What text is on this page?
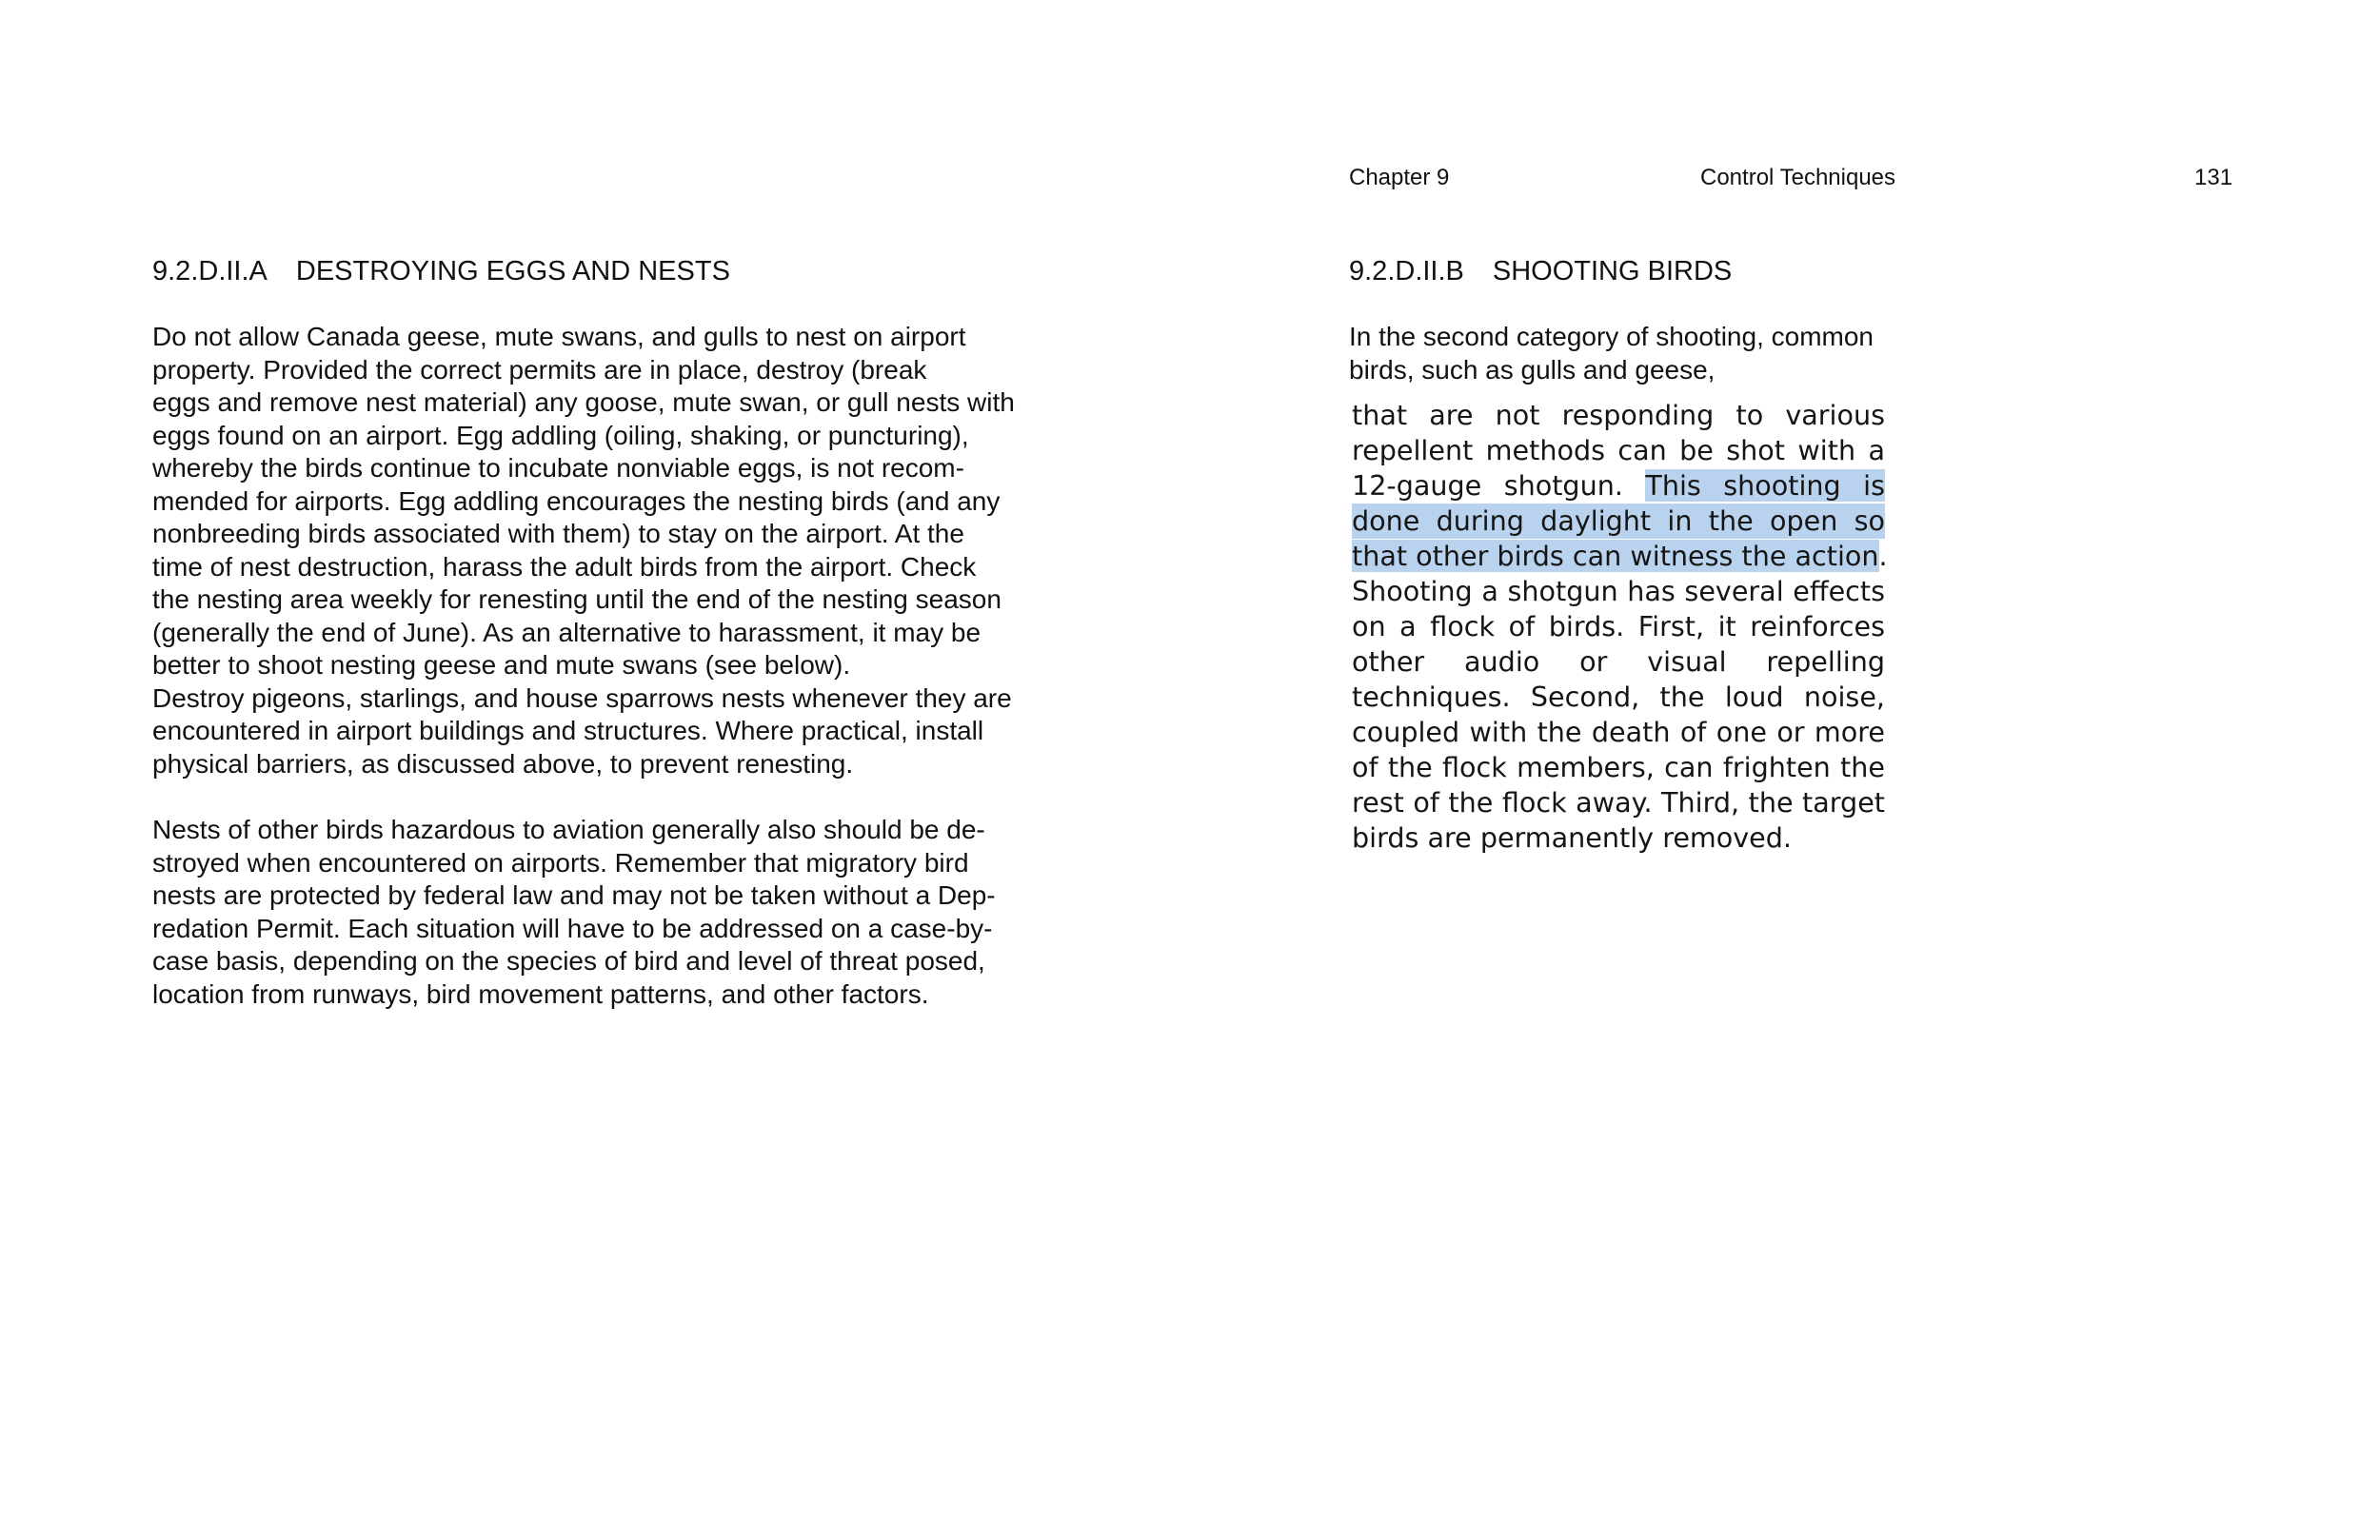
Chapter 9	Control Techniques	131
9.2.D.II.A DESTROYING EGGS AND NESTS

Do not allow Canada geese, mute swans, and gulls to nest on airport
property. Provided the correct permits are in place, destroy (break
eggs and remove nest material) any goose, mute swan, or gull nests with
eggs found on an airport. Egg addling (oiling, shaking, or puncturing),
whereby the birds continue to incubate nonviable eggs, is not recom-
mended for airports. Egg addling encourages the nesting birds (and any
nonbreeding birds associated with them) to stay on the airport. At the
time of nest destruction, harass the adult birds from the airport. Check
the nesting area weekly for renesting until the end of the nesting season
(generally the end of June). As an alternative to harassment, it may be
better to shoot nesting geese and mute swans (see below).
Destroy pigeons, starlings, and house sparrows nests whenever they are
encountered in airport buildings and structures. Where practical, install
physical barriers, as discussed above, to prevent renesting.

Nests of other birds hazardous to aviation generally also should be de-
stroyed when encountered on airports. Remember that migratory bird
nests are protected by federal law and may not be taken without a Dep-
redation Permit. Each situation will have to be addressed on a case-by-
case basis, depending on the species of bird and level of threat posed,
location from runways, bird movement patterns, and other factors.

9.2.D.II.B SHOOTING BIRDS

In the second category of shooting, common
birds, such as gulls and geese,

that are not responding to various
repellent methods can be shot with a
12-gauge shotgun. This shooting is
done during daylight in the open so
that other birds can witness the action.
Shooting a shotgun has several effects
on a flock of birds. First, it reinforces
other audio or visual repelling
techniques. Second, the loud noise,
coupled with the death of one or more
of the flock members, can frighten the
rest of the flock away. Third, the target
birds are permanently removed.
